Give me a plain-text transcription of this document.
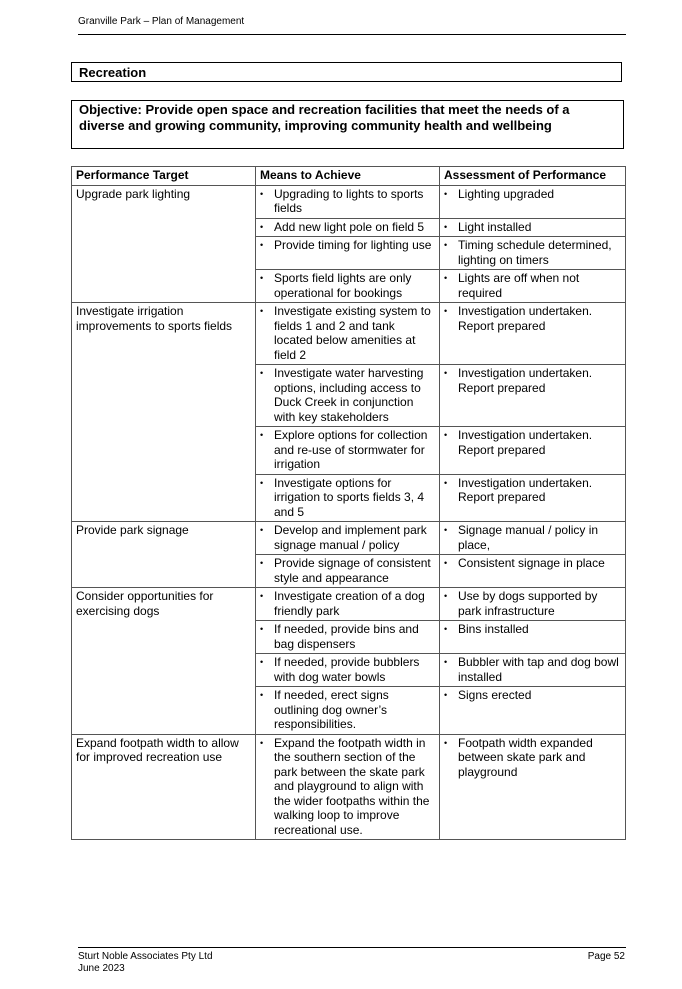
Granville Park – Plan of Management
Recreation
Objective: Provide open space and recreation facilities that meet the needs of a diverse and growing community, improving community health and wellbeing
Performance Target	Means to Achieve	Assessment of Performance
Upgrade park lighting	• Upgrading to lights to sports fields	• Lighting upgraded

	• Add new light pole on field 5	• Light installed

	• Provide timing for lighting use	• Timing schedule determined, lighting on timers

	• Sports field lights are only operational for bookings	• Lights are off when not required

Investigate irrigation improvements to sports fields	• Investigate existing system to fields 1 and 2 and tank located below amenities at field 2	• Investigation undertaken. Report prepared

	• Investigate water harvesting options, including access to Duck Creek in conjunction with key stakeholders	• Investigation undertaken. Report prepared

	• Explore options for collection and re-use of stormwater for irrigation	• Investigation undertaken. Report prepared

	• Investigate options for irrigation to sports fields 3, 4 and 5	• Investigation undertaken. Report prepared

Provide park signage	• Develop and implement park signage manual / policy	• Signage manual / policy in place,

	• Provide signage of consistent style and appearance	• Consistent signage in place

Consider opportunities for exercising dogs	• Investigate creation of a dog friendly park	• Use by dogs supported by park infrastructure

	• If needed, provide bins and bag dispensers	• Bins installed

	• If needed, provide bubblers with dog water bowls	• Bubbler with tap and dog bowl installed

	• If needed, erect signs outlining dog owner’s responsibilities.	• Signs erected

Expand footpath width to allow for improved recreation use	• Expand the footpath width in the southern section of the park between the skate park and playground to align with the wider footpaths within the walking loop to improve recreational use.	• Footpath width expanded between skate park and playground
Sturt Noble Associates Pty Ltd
June 2023
Page 52
